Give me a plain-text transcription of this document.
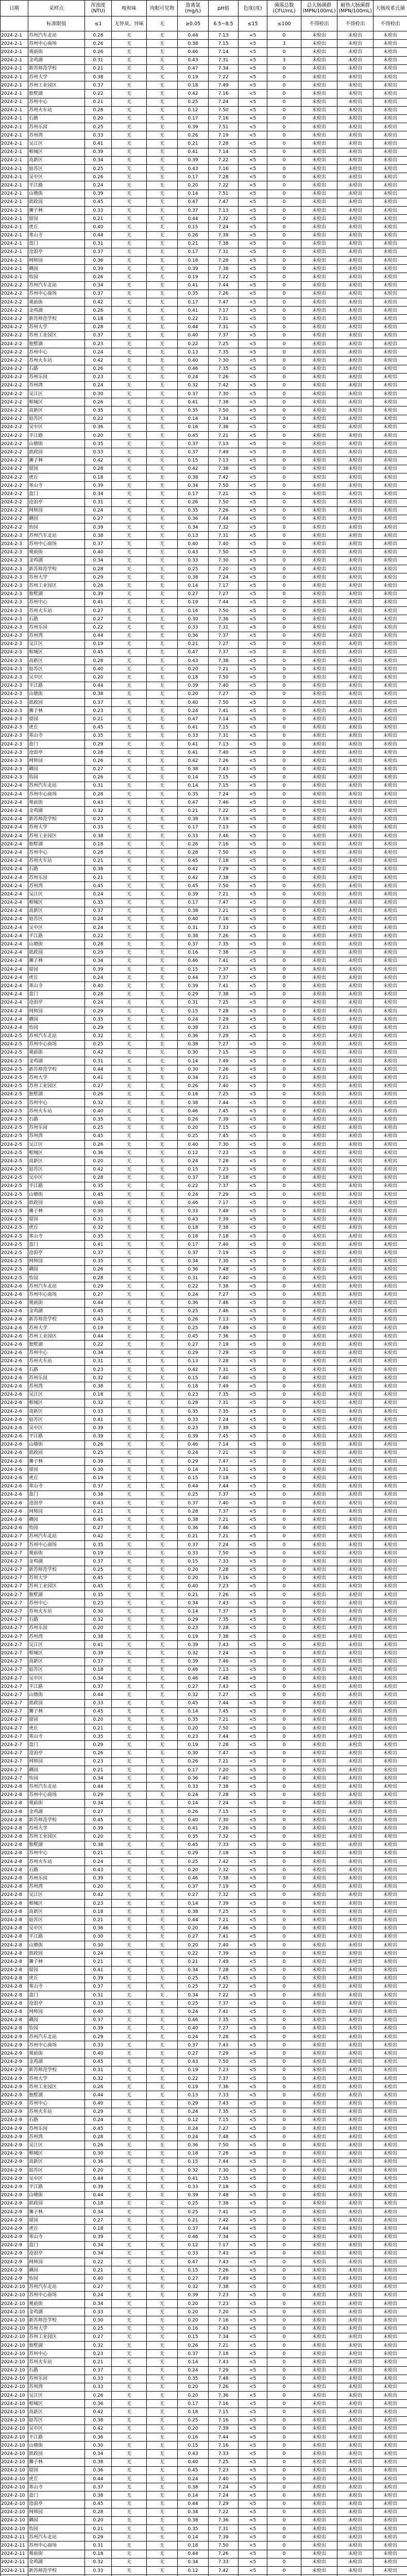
日期	采样点	浑浊度(NTU)	嗅和味	肉眼可见物	游离氯(mg/L)	pH值	色度(度)	菌落总数(CFU/mL)	总大肠菌群(MPN/100mL)	耐热大肠菌群(MPN/100mL)	大肠埃希氏菌
	标准限值	≤1	无异臭、异味	无	≥0.05	6.5~8.5	≤15	≤100	不得检出	不得检出	不得检出
2024-2-1	苏州汽车北站	0.28	无	无	0.44	7.13	<5	0	未检出	未检出	未检出
2024-2-1	苏州中心商场	0.26	无	无	0.38	7.15	<5	3	未检出	未检出	未检出
2024-2-1	观前街	0.26	无	无	0.46	7.14	<5	0	未检出	未检出	未检出
2024-2-1	金鸡湖	0.31	无	无	0.43	7.31	<5	3	未检出	未检出	未检出
2024-2-1	新苏师范学校	0.21	无	无	0.47	7.34	<5	0	未检出	未检出	未检出
2024-2-1	苏州大学	0.38	无	无	0.19	7.22	<5	0	未检出	未检出	未检出
2024-2-1	苏州工业园区	0.37	无	无	0.18	7.49	<5	0	未检出	未检出	未检出
2024-2-1	独墅湖	0.22	无	无	0.42	7.16	<5	0	未检出	未检出	未检出
2024-2-1	苏州中心	0.21	无	无	0.25	7.24	<5	0	未检出	未检出	未检出
2024-2-1	苏州火车站	0.28	无	无	0.12	7.50	<5	0	未检出	未检出	未检出
2024-2-1	石路	0.20	无	无	0.17	7.16	<5	0	未检出	未检出	未检出
2024-2-1	苏州乐园	0.25	无	无	0.39	7.51	<5	0	未检出	未检出	未检出
2024-2-1	苏州湾	0.33	无	无	0.26	7.19	<5	0	未检出	未检出	未检出
2024-2-1	吴江区	0.41	无	无	0.21	7.28	<5	0	未检出	未检出	未检出
2024-2-1	相城区	0.39	无	无	0.41	7.14	<5	0	未检出	未检出	未检出
2024-2-1	高新区	0.34	无	无	0.39	7.22	<5	0	未检出	未检出	未检出
2024-2-1	姑苏区	0.25	无	无	0.43	7.16	<5	0	未检出	未检出	未检出
2024-2-1	吴中区	0.26	无	无	0.17	7.28	<5	0	未检出	未检出	未检出
2024-2-1	平江路	0.24	无	无	0.20	7.22	<5	0	未检出	未检出	未检出
2024-2-1	山塘街	0.39	无	无	0.14	7.51	<5	0	未检出	未检出	未检出
2024-2-1	拙政园	0.45	无	无	0.47	7.47	<5	0	未检出	未检出	未检出
2024-2-1	狮子林	0.33	无	无	0.37	7.13	<5	0	未检出	未检出	未检出
2024-2-1	留园	0.21	无	无	0.44	7.32	<5	0	未检出	未检出	未检出
2024-2-1	虎丘	0.40	无	无	0.15	7.24	<5	0	未检出	未检出	未检出
2024-2-1	寒山寺	0.44	无	无	0.26	7.39	<5	0	未检出	未检出	未检出
2024-2-1	盘门	0.31	无	无	0.21	7.38	<5	0	未检出	未检出	未检出
2024-2-1	沧浪亭	0.37	无	无	0.17	7.31	<5	0	未检出	未检出	未检出
2024-2-1	网师园	0.36	无	无	0.18	7.28	<5	0	未检出	未检出	未检出
2024-2-1	耦园	0.39	无	无	0.39	7.38	<5	0	未检出	未检出	未检出
2024-2-1	怡园	0.26	无	无	0.19	7.22	<5	0	未检出	未检出	未检出
2024-2-2	苏州汽车北站	0.34	无	无	0.41	7.44	<5	0	未检出	未检出	未检出
2024-2-2	苏州中心商场	0.37	无	无	0.35	7.26	<5	0	未检出	未检出	未检出
2024-2-2	观前街	0.42	无	无	0.17	7.47	<5	0	未检出	未检出	未检出
2024-2-2	金鸡湖	0.26	无	无	0.41	7.17	<5	0	未检出	未检出	未检出
2024-2-2	新苏师范学校	0.18	无	无	0.22	7.31	<5	0	未检出	未检出	未检出
2024-2-2	苏州大学	0.28	无	无	0.44	7.31	<5	0	未检出	未检出	未检出
2024-2-2	苏州工业园区	0.37	无	无	0.40	7.37	<5	0	未检出	未检出	未检出
2024-2-2	独墅湖	0.23	无	无	0.22	7.25	<5	0	未检出	未检出	未检出
2024-2-2	苏州中心	0.24	无	无	0.13	7.35	<5	0	未检出	未检出	未检出
2024-2-2	苏州火车站	0.42	无	无	0.40	7.30	<5	0	未检出	未检出	未检出
2024-2-2	石路	0.26	无	无	0.46	7.35	<5	0	未检出	未检出	未检出
2024-2-2	苏州乐园	0.23	无	无	0.24	7.26	<5	0	未检出	未检出	未检出
2024-2-2	苏州湾	0.24	无	无	0.32	7.42	<5	0	未检出	未检出	未检出
2024-2-2	吴江区	0.30	无	无	0.37	7.30	<5	0	未检出	未检出	未检出
2024-2-2	相城区	0.26	无	无	0.41	7.38	<5	0	未检出	未检出	未检出
2024-2-2	高新区	0.35	无	无	0.35	7.50	<5	0	未检出	未检出	未检出
2024-2-2	姑苏区	0.22	无	无	0.14	7.34	<5	0	未检出	未检出	未检出
2024-2-2	吴中区	0.36	无	无	0.16	7.36	<5	0	未检出	未检出	未检出
2024-2-2	平江路	0.20	无	无	0.45	7.21	<5	0	未检出	未检出	未检出
2024-2-2	山塘街	0.35	无	无	0.37	7.13	<5	0	未检出	未检出	未检出
2024-2-2	拙政园	0.33	无	无	0.37	7.49	<5	0	未检出	未检出	未检出
2024-2-2	狮子林	0.42	无	无	0.15	7.13	<5	0	未检出	未检出	未检出
2024-2-2	留园	0.28	无	无	0.42	7.38	<5	0	未检出	未检出	未检出
2024-2-2	虎丘	0.18	无	无	0.38	7.42	<5	0	未检出	未检出	未检出
2024-2-2	寒山寺	0.39	无	无	0.34	7.50	<5	0	未检出	未检出	未检出
2024-2-2	盘门	0.34	无	无	0.17	7.21	<5	0	未检出	未检出	未检出
2024-2-2	沧浪亭	0.31	无	无	0.26	7.50	<5	0	未检出	未检出	未检出
2024-2-2	网师园	0.24	无	无	0.35	7.26	<5	0	未检出	未检出	未检出
2024-2-2	耦园	0.27	无	无	0.36	7.44	<5	0	未检出	未检出	未检出
2024-2-2	怡园	0.39	无	无	0.34	7.32	<5	0	未检出	未检出	未检出
2024-2-3	苏州汽车北站	0.38	无	无	0.13	7.31	<5	0	未检出	未检出	未检出
2024-2-3	苏州中心商场	0.37	无	无	0.40	7.40	<5	0	未检出	未检出	未检出
2024-2-3	观前街	0.40	无	无	0.43	7.50	<5	0	未检出	未检出	未检出
2024-2-3	金鸡湖	0.34	无	无	0.33	7.30	<5	0	未检出	未检出	未检出
2024-2-3	新苏师范学校	0.28	无	无	0.25	7.20	<5	0	未检出	未检出	未检出
2024-2-3	苏州大学	0.29	无	无	0.38	7.24	<5	0	未检出	未检出	未检出
2024-2-3	苏州工业园区	0.26	无	无	0.14	7.17	<5	0	未检出	未检出	未检出
2024-2-3	独墅湖	0.39	无	无	0.27	7.27	<5	0	未检出	未检出	未检出
2024-2-3	苏州中心	0.41	无	无	0.19	7.44	<5	0	未检出	未检出	未检出
2024-2-3	苏州火车站	0.27	无	无	0.16	7.50	<5	0	未检出	未检出	未检出
2024-2-3	石路	0.27	无	无	0.30	7.36	<5	0	未检出	未检出	未检出
2024-2-3	苏州乐园	0.22	无	无	0.33	7.31	<5	0	未检出	未检出	未检出
2024-2-3	苏州湾	0.44	无	无	0.36	7.37	<5	0	未检出	未检出	未检出
2024-2-3	吴江区	0.19	无	无	0.21	7.27	<5	0	未检出	未检出	未检出
2024-2-3	相城区	0.45	无	无	0.47	7.37	<5	0	未检出	未检出	未检出
2024-2-3	高新区	0.28	无	无	0.43	7.38	<5	0	未检出	未检出	未检出
2024-2-3	姑苏区	0.40	无	无	0.20	7.21	<5	0	未检出	未检出	未检出
2024-2-3	吴中区	0.20	无	无	0.18	7.50	<5	0	未检出	未检出	未检出
2024-2-3	平江路	0.44	无	无	0.39	7.40	<5	0	未检出	未检出	未检出
2024-2-3	山塘街	0.38	无	无	0.20	7.27	<5	0	未检出	未检出	未检出
2024-2-3	拙政园	0.37	无	无	0.40	7.50	<5	0	未检出	未检出	未检出
2024-2-3	狮子林	0.23	无	无	0.24	7.41	<5	0	未检出	未检出	未检出
2024-2-3	留园	0.21	无	无	0.47	7.14	<5	0	未检出	未检出	未检出
2024-2-3	虎丘	0.45	无	无	0.41	7.15	<5	0	未检出	未检出	未检出
2024-2-3	寒山寺	0.35	无	无	0.33	7.31	<5	0	未检出	未检出	未检出
2024-2-3	盘门	0.29	无	无	0.41	7.13	<5	0	未检出	未检出	未检出
2024-2-3	沧浪亭	0.28	无	无	0.41	7.40	<5	0	未检出	未检出	未检出
2024-2-3	网师园	0.26	无	无	0.42	7.26	<5	0	未检出	未检出	未检出
2024-2-3	耦园	0.27	无	无	0.38	7.43	<5	0	未检出	未检出	未检出
2024-2-3	怡园	0.26	无	无	0.14	7.15	<5	0	未检出	未检出	未检出
2024-2-4	苏州汽车北站	0.31	无	无	0.14	7.15	<5	0	未检出	未检出	未检出
2024-2-4	苏州中心商场	0.28	无	无	0.35	7.24	<5	0	未检出	未检出	未检出
2024-2-4	观前街	0.43	无	无	0.47	7.46	<5	0	未检出	未检出	未检出
2024-2-4	金鸡湖	0.32	无	无	0.21	7.22	<5	0	未检出	未检出	未检出
2024-2-4	新苏师范学校	0.23	无	无	0.38	7.19	<5	0	未检出	未检出	未检出
2024-2-4	苏州大学	0.33	无	无	0.17	7.13	<5	0	未检出	未检出	未检出
2024-2-4	苏州工业园区	0.38	无	无	0.33	7.46	<5	0	未检出	未检出	未检出
2024-2-4	独墅湖	0.18	无	无	0.26	7.16	<5	0	未检出	未检出	未检出
2024-2-4	苏州中心	0.28	无	无	0.28	7.50	<5	0	未检出	未检出	未检出
2024-2-4	苏州火车站	0.21	无	无	0.45	7.18	<5	0	未检出	未检出	未检出
2024-2-4	石路	0.38	无	无	0.42	7.29	<5	0	未检出	未检出	未检出
2024-2-4	苏州乐园	0.21	无	无	0.42	7.38	<5	0	未检出	未检出	未检出
2024-2-4	苏州湾	0.45	无	无	0.45	7.50	<5	0	未检出	未检出	未检出
2024-2-4	吴江区	0.24	无	无	0.39	7.21	<5	0	未检出	未检出	未检出
2024-2-4	相城区	0.35	无	无	0.17	7.47	<5	0	未检出	未检出	未检出
2024-2-4	高新区	0.37	无	无	0.38	7.21	<5	0	未检出	未检出	未检出
2024-2-4	姑苏区	0.24	无	无	0.40	7.16	<5	0	未检出	未检出	未检出
2024-2-4	吴中区	0.24	无	无	0.31	7.33	<5	0	未检出	未检出	未检出
2024-2-4	平江路	0.22	无	无	0.38	7.26	<5	0	未检出	未检出	未检出
2024-2-4	山塘街	0.28	无	无	0.37	7.35	<5	0	未检出	未检出	未检出
2024-2-4	拙政园	0.29	无	无	0.16	7.38	<5	0	未检出	未检出	未检出
2024-2-4	狮子林	0.34	无	无	0.46	7.41	<5	0	未检出	未检出	未检出
2024-2-4	留园	0.39	无	无	0.15	7.37	<5	0	未检出	未检出	未检出
2024-2-4	虎丘	0.24	无	无	0.44	7.37	<5	0	未检出	未检出	未检出
2024-2-4	寒山寺	0.40	无	无	0.39	7.41	<5	0	未检出	未检出	未检出
2024-2-4	盘门	0.28	无	无	0.29	7.38	<5	0	未检出	未检出	未检出
2024-2-4	沧浪亭	0.24	无	无	0.31	7.25	<5	0	未检出	未检出	未检出
2024-2-4	网师园	0.29	无	无	0.15	7.28	<5	0	未检出	未检出	未检出
2024-2-4	耦园	0.35	无	无	0.24	7.29	<5	0	未检出	未检出	未检出
2024-2-4	怡园	0.29	无	无	0.38	7.23	<5	0	未检出	未检出	未检出
2024-2-5	苏州汽车北站	0.32	无	无	0.36	7.29	<5	0	未检出	未检出	未检出
2024-2-5	苏州中心商场	0.25	无	无	0.38	7.27	<5	0	未检出	未检出	未检出
2024-2-5	观前街	0.42	无	无	0.30	7.15	<5	0	未检出	未检出	未检出
2024-2-5	金鸡湖	0.31	无	无	0.14	7.49	<5	0	未检出	未检出	未检出
2024-2-5	新苏师范学校	0.44	无	无	0.30	7.26	<5	0	未检出	未检出	未检出
2024-2-5	苏州大学	0.41	无	无	0.34	7.21	<5	0	未检出	未检出	未检出
2024-2-5	苏州工业园区	0.27	无	无	0.26	7.40	<5	0	未检出	未检出	未检出
2024-2-5	独墅湖	0.26	无	无	0.16	7.25	<5	0	未检出	未检出	未检出
2024-2-5	苏州中心	0.32	无	无	0.38	7.44	<5	0	未检出	未检出	未检出
2024-2-5	苏州火车站	0.40	无	无	0.46	7.45	<5	0	未检出	未检出	未检出
2024-2-5	石路	0.35	无	无	0.26	7.39	<5	0	未检出	未检出	未检出
2024-2-5	苏州乐园	0.25	无	无	0.20	7.15	<5	0	未检出	未检出	未检出
2024-2-5	苏州湾	0.45	无	无	0.25	7.45	<5	0	未检出	未检出	未检出
2024-2-5	吴江区	0.26	无	无	0.40	7.30	<5	0	未检出	未检出	未检出
2024-2-5	相城区	0.36	无	无	0.12	7.23	<5	0	未检出	未检出	未检出
2024-2-5	高新区	0.20	无	无	0.24	7.28	<5	0	未检出	未检出	未检出
2024-2-5	姑苏区	0.42	无	无	0.15	7.23	<5	0	未检出	未检出	未检出
2024-2-5	吴中区	0.28	无	无	0.37	7.18	<5	0	未检出	未检出	未检出
2024-2-5	平江路	0.35	无	无	0.22	7.37	<5	0	未检出	未检出	未检出
2024-2-5	山塘街	0.45	无	无	0.24	7.29	<5	0	未检出	未检出	未检出
2024-2-5	拙政园	0.40	无	无	0.46	7.17	<5	0	未检出	未检出	未检出
2024-2-5	狮子林	0.30	无	无	0.33	7.48	<5	0	未检出	未检出	未检出
2024-2-5	留园	0.31	无	无	0.43	7.39	<5	0	未检出	未检出	未检出
2024-2-5	虎丘	0.32	无	无	0.18	7.38	<5	0	未检出	未检出	未检出
2024-2-5	寒山寺	0.35	无	无	0.18	7.18	<5	0	未检出	未检出	未检出
2024-2-5	盘门	0.41	无	无	0.17	7.40	<5	0	未检出	未检出	未检出
2024-2-5	沧浪亭	0.37	无	无	0.37	7.19	<5	0	未检出	未检出	未检出
2024-2-5	网师园	0.35	无	无	0.34	7.30	<5	0	未检出	未检出	未检出
2024-2-5	耦园	0.26	无	无	0.36	7.48	<5	0	未检出	未检出	未检出
2024-2-5	怡园	0.28	无	无	0.31	7.40	<5	0	未检出	未检出	未检出
2024-2-6	苏州汽车北站	0.29	无	无	0.22	7.38	<5	0	未检出	未检出	未检出
2024-2-6	苏州中心商场	0.27	无	无	0.24	7.27	<5	0	未检出	未检出	未检出
2024-2-6	观前街	0.44	无	无	0.36	7.46	<5	0	未检出	未检出	未检出
2024-2-6	金鸡湖	0.45	无	无	0.25	7.46	<5	0	未检出	未检出	未检出
2024-2-6	新苏师范学校	0.43	无	无	0.26	7.13	<5	0	未检出	未检出	未检出
2024-2-6	苏州大学	0.19	无	无	0.25	7.49	<5	0	未检出	未检出	未检出
2024-2-6	苏州工业园区	0.44	无	无	0.45	7.36	<5	0	未检出	未检出	未检出
2024-2-6	独墅湖	0.22	无	无	0.27	7.19	<5	0	未检出	未检出	未检出
2024-2-6	苏州中心	0.34	无	无	0.29	7.29	<5	0	未检出	未检出	未检出
2024-2-6	苏州火车站	0.31	无	无	0.13	7.28	<5	0	未检出	未检出	未检出
2024-2-6	石路	0.23	无	无	0.42	7.31	<5	0	未检出	未检出	未检出
2024-2-6	苏州乐园	0.32	无	无	0.15	7.40	<5	0	未检出	未检出	未检出
2024-2-6	苏州湾	0.38	无	无	0.18	7.49	<5	0	未检出	未检出	未检出
2024-2-6	吴江区	0.18	无	无	0.23	7.35	<5	0	未检出	未检出	未检出
2024-2-6	相城区	0.32	无	无	0.28	7.31	<5	0	未检出	未检出	未检出
2024-2-6	高新区	0.33	无	无	0.35	7.35	<5	0	未检出	未检出	未检出
2024-2-6	姑苏区	0.41	无	无	0.33	7.24	<5	0	未检出	未检出	未检出
2024-2-6	吴中区	0.39	无	无	0.23	7.39	<5	0	未检出	未检出	未检出
2024-2-6	平江路	0.39	无	无	0.39	7.45	<5	0	未检出	未检出	未检出
2024-2-6	山塘街	0.26	无	无	0.46	7.14	<5	0	未检出	未检出	未检出
2024-2-6	拙政园	0.25	无	无	0.24	7.21	<5	0	未检出	未检出	未检出
2024-2-6	狮子林	0.39	无	无	0.29	7.47	<5	0	未检出	未检出	未检出
2024-2-6	留园	0.30	无	无	0.14	7.31	<5	0	未检出	未检出	未检出
2024-2-6	虎丘	0.19	无	无	0.15	7.18	<5	0	未检出	未检出	未检出
2024-2-6	寒山寺	0.37	无	无	0.44	7.44	<5	0	未检出	未检出	未检出
2024-2-6	盘门	0.38	无	无	0.25	7.37	<5	0	未检出	未检出	未检出
2024-2-6	沧浪亭	0.43	无	无	0.37	7.40	<5	0	未检出	未检出	未检出
2024-2-6	网师园	0.21	无	无	0.28	7.37	<5	0	未检出	未检出	未检出
2024-2-6	耦园	0.45	无	无	0.38	7.21	<5	0	未检出	未检出	未检出
2024-2-6	怡园	0.27	无	无	0.36	7.46	<5	0	未检出	未检出	未检出
2024-2-7	苏州汽车北站	0.42	无	无	0.21	7.21	<5	0	未检出	未检出	未检出
2024-2-7	苏州中心商场	0.35	无	无	0.37	7.24	<5	0	未检出	未检出	未检出
2024-2-7	观前街	0.19	无	无	0.33	7.50	<5	0	未检出	未检出	未检出
2024-2-7	金鸡湖	0.37	无	无	0.15	7.33	<5	0	未检出	未检出	未检出
2024-2-7	新苏师范学校	0.25	无	无	0.20	7.28	<5	0	未检出	未检出	未检出
2024-2-7	苏州大学	0.45	无	无	0.20	7.16	<5	0	未检出	未检出	未检出
2024-2-7	苏州工业园区	0.45	无	无	0.40	7.23	<5	0	未检出	未检出	未检出
2024-2-7	独墅湖	0.35	无	无	0.21	7.26	<5	0	未检出	未检出	未检出
2024-2-7	苏州中心	0.23	无	无	0.34	7.43	<5	0	未检出	未检出	未检出
2024-2-7	苏州火车站	0.30	无	无	0.14	7.37	<5	0	未检出	未检出	未检出
2024-2-7	石路	0.32	无	无	0.29	7.35	<5	0	未检出	未检出	未检出
2024-2-7	苏州乐园	0.20	无	无	0.23	7.28	<5	0	未检出	未检出	未检出
2024-2-7	苏州湾	0.38	无	无	0.19	7.38	<5	0	未检出	未检出	未检出
2024-2-7	吴江区	0.41	无	无	0.39	7.43	<5	0	未检出	未检出	未检出
2024-2-7	相城区	0.39	无	无	0.32	7.24	<5	0	未检出	未检出	未检出
2024-2-7	高新区	0.37	无	无	0.39	7.46	<5	0	未检出	未检出	未检出
2024-2-7	姑苏区	0.18	无	无	0.46	7.13	<5	0	未检出	未检出	未检出
2024-2-7	吴中区	0.34	无	无	0.46	7.48	<5	0	未检出	未检出	未检出
2024-2-7	平江路	0.37	无	无	0.27	7.43	<5	0	未检出	未检出	未检出
2024-2-7	山塘街	0.44	无	无	0.32	7.27	<5	0	未检出	未检出	未检出
2024-2-7	拙政园	0.33	无	无	0.45	7.44	<5	0	未检出	未检出	未检出
2024-2-7	狮子林	0.45	无	无	0.14	7.45	<5	0	未检出	未检出	未检出
2024-2-7	留园	0.20	无	无	0.35	7.21	<5	0	未检出	未检出	未检出
2024-2-7	虎丘	0.21	无	无	0.20	7.50	<5	0	未检出	未检出	未检出
2024-2-7	寒山寺	0.35	无	无	0.23	7.44	<5	0	未检出	未检出	未检出
2024-2-7	盘门	0.29	无	无	0.19	7.28	<5	0	未检出	未检出	未检出
2024-2-7	沧浪亭	0.26	无	无	0.30	7.47	<5	0	未检出	未检出	未检出
2024-2-7	网师园	0.23	无	无	0.26	7.21	<5	0	未检出	未检出	未检出
2024-2-7	耦园	0.21	无	无	0.17	7.20	<5	0	未检出	未检出	未检出
2024-2-7	怡园	0.34	无	无	0.36	7.40	<5	0	未检出	未检出	未检出
2024-2-8	苏州汽车北站	0.44	无	无	0.33	7.38	<5	0	未检出	未检出	未检出
2024-2-8	苏州中心商场	0.29	无	无	0.24	7.28	<5	0	未检出	未检出	未检出
2024-2-8	观前街	0.34	无	无	0.14	7.24	<5	0	未检出	未检出	未检出
2024-2-8	金鸡湖	0.27	无	无	0.26	7.15	<5	0	未检出	未检出	未检出
2024-2-8	新苏师范学校	0.45	无	无	0.40	7.30	<5	0	未检出	未检出	未检出
2024-2-8	苏州大学	0.39	无	无	0.41	7.26	<5	0	未检出	未检出	未检出
2024-2-8	苏州工业园区	0.20	无	无	0.35	7.32	<5	0	未检出	未检出	未检出
2024-2-8	独墅湖	0.38	无	无	0.45	7.33	<5	0	未检出	未检出	未检出
2024-2-8	苏州中心	0.21	无	无	0.29	7.18	<5	0	未检出	未检出	未检出
2024-2-8	苏州火车站	0.24	无	无	0.25	7.42	<5	0	未检出	未检出	未检出
2024-2-8	石路	0.43	无	无	0.20	7.32	<5	0	未检出	未检出	未检出
2024-2-8	苏州乐园	0.39	无	无	0.46	7.38	<5	0	未检出	未检出	未检出
2024-2-8	苏州湾	0.20	无	无	0.37	7.19	<5	0	未检出	未检出	未检出
2024-2-8	吴江区	0.42	无	无	0.27	7.32	<5	0	未检出	未检出	未检出
2024-2-8	相城区	0.23	无	无	0.14	7.39	<5	0	未检出	未检出	未检出
2024-2-8	高新区	0.18	无	无	0.38	7.25	<5	0	未检出	未检出	未检出
2024-2-8	姑苏区	0.21	无	无	0.44	7.21	<5	0	未检出	未检出	未检出
2024-2-8	吴中区	0.36	无	无	0.20	7.46	<5	0	未检出	未检出	未检出
2024-2-8	平江路	0.30	无	无	0.27	7.41	<5	0	未检出	未检出	未检出
2024-2-8	山塘街	0.30	无	无	0.20	7.40	<5	0	未检出	未检出	未检出
2024-2-8	拙政园	0.24	无	无	0.22	7.39	<5	0	未检出	未检出	未检出
2024-2-8	狮子林	0.21	无	无	0.21	7.49	<5	0	未检出	未检出	未检出
2024-2-8	留园	0.41	无	无	0.34	7.28	<5	0	未检出	未检出	未检出
2024-2-8	虎丘	0.39	无	无	0.25	7.45	<5	0	未检出	未检出	未检出
2024-2-8	寒山寺	0.37	无	无	0.25	7.22	<5	0	未检出	未检出	未检出
2024-2-8	盘门	0.31	无	无	0.34	7.22	<5	0	未检出	未检出	未检出
2024-2-8	沧浪亭	0.33	无	无	0.25	7.37	<5	0	未检出	未检出	未检出
2024-2-8	网师园	0.40	无	无	0.24	7.41	<5	0	未检出	未检出	未检出
2024-2-8	耦园	0.37	无	无	0.46	7.35	<5	0	未检出	未检出	未检出
2024-2-8	怡园	0.39	无	无	0.40	7.27	<5	0	未检出	未检出	未检出
2024-2-9	苏州汽车北站	0.29	无	无	0.24	7.28	<5	0	未检出	未检出	未检出
2024-2-9	苏州中心商场	0.33	无	无	0.37	7.43	<5	0	未检出	未检出	未检出
2024-2-9	观前街	0.40	无	无	0.27	7.29	<5	0	未检出	未检出	未检出
2024-2-9	金鸡湖	0.45	无	无	0.43	7.50	<5	0	未检出	未检出	未检出
2024-2-9	新苏师范学校	0.31	无	无	0.19	7.23	<5	0	未检出	未检出	未检出
2024-2-9	苏州大学	0.32	无	无	0.22	7.37	<5	0	未检出	未检出	未检出
2024-2-9	苏州工业园区	0.26	无	无	0.19	7.36	<5	0	未检出	未检出	未检出
2024-2-9	独墅湖	0.44	无	无	0.13	7.33	<5	0	未检出	未检出	未检出
2024-2-9	苏州中心	0.40	无	无	0.29	7.43	<5	0	未检出	未检出	未检出
2024-2-9	苏州火车站	0.29	无	无	0.24	7.35	<5	0	未检出	未检出	未检出
2024-2-9	石路	0.24	无	无	0.12	7.15	<5	0	未检出	未检出	未检出
2024-2-9	苏州乐园	0.45	无	无	0.24	7.27	<5	0	未检出	未检出	未检出
2024-2-9	苏州湾	0.28	无	无	0.24	7.48	<5	0	未检出	未检出	未检出
2024-2-9	吴江区	0.26	无	无	0.36	7.50	<5	0	未检出	未检出	未检出
2024-2-9	相城区	0.30	无	无	0.18	7.28	<5	0	未检出	未检出	未检出
2024-2-9	高新区	0.36	无	无	0.15	7.44	<5	0	未检出	未检出	未检出
2024-2-9	姑苏区	0.20	无	无	0.32	7.30	<5	0	未检出	未检出	未检出
2024-2-9	吴中区	0.44	无	无	0.41	7.35	<5	0	未检出	未检出	未检出
2024-2-9	平江路	0.39	无	无	0.33	7.18	<5	0	未检出	未检出	未检出
2024-2-9	山塘街	0.44	无	无	0.39	7.48	<5	0	未检出	未检出	未检出
2024-2-9	拙政园	0.18	无	无	0.25	7.38	<5	0	未检出	未检出	未检出
2024-2-9	狮子林	0.34	无	无	0.25	7.41	<5	0	未检出	未检出	未检出
2024-2-9	留园	0.27	无	无	0.21	7.42	<5	0	未检出	未检出	未检出
2024-2-9	虎丘	0.18	无	无	0.37	7.44	<5	0	未检出	未检出	未检出
2024-2-9	寒山寺	0.39	无	无	0.46	7.34	<5	0	未检出	未检出	未检出
2024-2-9	盘门	0.34	无	无	0.12	7.17	<5	0	未检出	未检出	未检出
2024-2-9	沧浪亭	0.34	无	无	0.33	7.43	<5	0	未检出	未检出	未检出
2024-2-9	网师园	0.22	无	无	0.47	7.43	<5	0	未检出	未检出	未检出
2024-2-9	耦园	0.21	无	无	0.15	7.26	<5	0	未检出	未检出	未检出
2024-2-9	怡园	0.40	无	无	0.27	7.49	<5	0	未检出	未检出	未检出
2024-2-10	苏州汽车北站	0.27	无	无	0.32	7.38	<5	0	未检出	未检出	未检出
2024-2-10	苏州中心商场	0.24	无	无	0.39	7.23	<5	0	未检出	未检出	未检出
2024-2-10	观前街	0.34	无	无	0.20	7.23	<5	0	未检出	未检出	未检出
2024-2-10	金鸡湖	0.33	无	无	0.20	7.20	<5	0	未检出	未检出	未检出
2024-2-10	新苏师范学校	0.30	无	无	0.20	7.16	<5	0	未检出	未检出	未检出
2024-2-10	苏州大学	0.25	无	无	0.16	7.43	<5	0	未检出	未检出	未检出
2024-2-10	苏州工业园区	0.27	无	无	0.15	7.34	<5	0	未检出	未检出	未检出
2024-2-10	独墅湖	0.32	无	无	0.26	7.21	<5	0	未检出	未检出	未检出
2024-2-10	苏州中心	0.23	无	无	0.37	7.18	<5	0	未检出	未检出	未检出
2024-2-10	苏州火车站	0.21	无	无	0.14	7.43	<5	0	未检出	未检出	未检出
2024-2-10	石路	0.37	无	无	0.24	7.29	<5	0	未检出	未检出	未检出
2024-2-10	苏州乐园	0.33	无	无	0.35	7.48	<5	0	未检出	未检出	未检出
2024-2-10	苏州湾	0.33	无	无	0.20	7.26	<5	0	未检出	未检出	未检出
2024-2-10	吴江区	0.26	无	无	0.20	7.36	<5	0	未检出	未检出	未检出
2024-2-10	相城区	0.36	无	无	0.17	7.16	<5	0	未检出	未检出	未检出
2024-2-10	高新区	0.42	无	无	0.18	7.15	<5	0	未检出	未检出	未检出
2024-2-10	姑苏区	0.38	无	无	0.25	7.16	<5	0	未检出	未检出	未检出
2024-2-10	吴中区	0.42	无	无	0.20	7.39	<5	0	未检出	未检出	未检出
2024-2-10	平江路	0.36	无	无	0.16	7.44	<5	0	未检出	未检出	未检出
2024-2-10	山塘街	0.30	无	无	0.15	7.16	<5	0	未检出	未检出	未检出
2024-2-10	拙政园	0.34	无	无	0.43	7.33	<5	0	未检出	未检出	未检出
2024-2-10	狮子林	0.38	无	无	0.40	7.25	<5	0	未检出	未检出	未检出
2024-2-10	留园	0.36	无	无	0.45	7.23	<5	0	未检出	未检出	未检出
2024-2-10	虎丘	0.44	无	无	0.24	7.40	<5	0	未检出	未检出	未检出
2024-2-10	寒山寺	0.37	无	无	0.38	7.24	<5	0	未检出	未检出	未检出
2024-2-10	盘门	0.38	无	无	0.14	7.24	<5	0	未检出	未检出	未检出
2024-2-10	沧浪亭	0.45	无	无	0.44	7.29	<5	0	未检出	未检出	未检出
2024-2-10	网师园	0.28	无	无	0.34	7.22	<5	0	未检出	未检出	未检出
2024-2-10	耦园	0.20	无	无	0.38	7.36	<5	0	未检出	未检出	未检出
2024-2-10	怡园	0.21	无	无	0.35	7.31	<5	0	未检出	未检出	未检出
2024-2-11	苏州汽车北站	0.29	无	无	0.14	7.39	<5	0	未检出	未检出	未检出
2024-2-11	苏州中心商场	0.31	无	无	0.18	7.50	<5	0	未检出	未检出	未检出
2024-2-11	观前街	0.18	无	无	0.44	7.26	<5	0	未检出	未检出	未检出
2024-2-11	金鸡湖	0.32	无	无	0.34	7.33	<5	0	未检出	未检出	未检出
2024-2-11	新苏师范学校	0.33	无	无	0.12	7.42	<5	0	未检出	未检出	未检出
